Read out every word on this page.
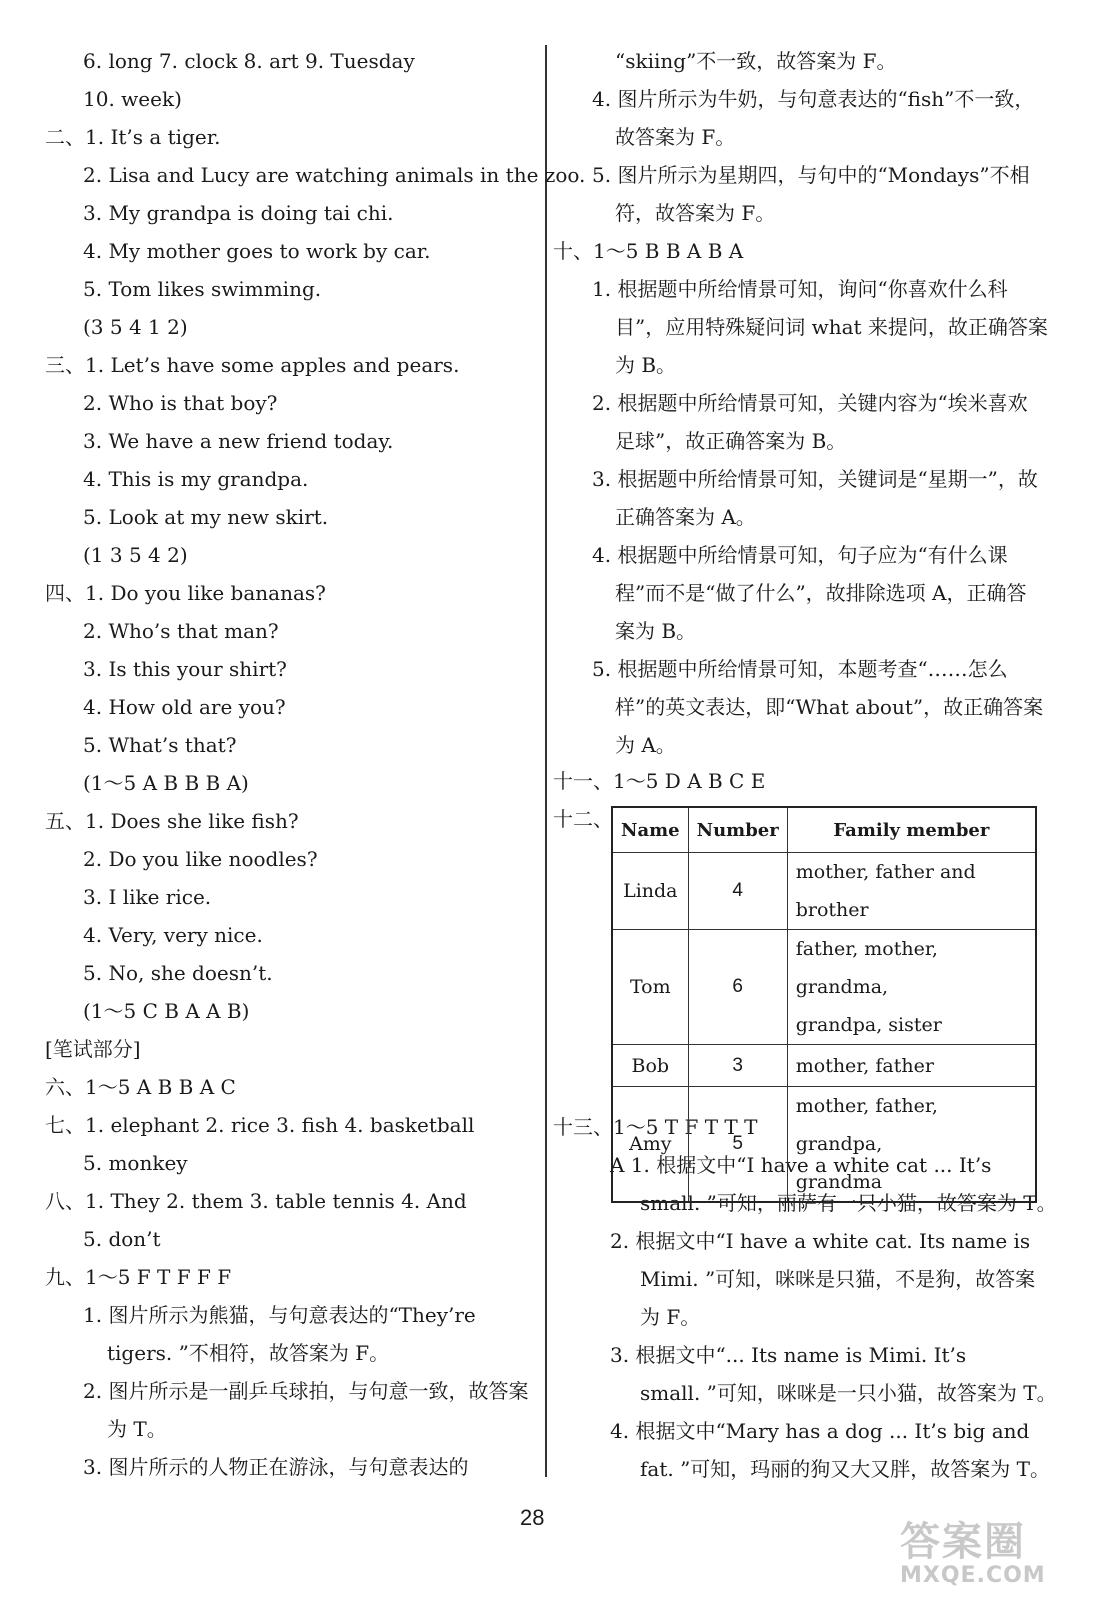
6. long 7. clock 8. art 9. Tuesday
10. week)
二、1. It’s a tiger.
2. Lisa and Lucy are watching animals in the zoo.
3. My grandpa is doing tai chi.
4. My mother goes to work by car.
5. Tom likes swimming.
(3 5 4 1 2)
三、1. Let’s have some apples and pears.
2. Who is that boy?
3. We have a new friend today.
4. This is my grandpa.
5. Look at my new skirt.
(1 3 5 4 2)
四、1. Do you like bananas?
2. Who’s that man?
3. Is this your shirt?
4. How old are you?
5. What’s that?
(1～5 A B B B A)
五、1. Does she like fish?
2. Do you like noodles?
3. I like rice.
4. Very, very nice.
5. No, she doesn’t.
(1～5 C B A A B)
[笔试部分]
六、1～5 A B B A C
七、1. elephant 2. rice 3. fish 4. basketball
5. monkey
八、1. They 2. them 3. table tennis 4. And
5. don’t
九、1～5 F T F F F
1. 图片所示为熊猫，与句意表达的“They’re
tigers. ”不相符，故答案为 F。
2. 图片所示是一副乒乓球拍，与句意一致，故答案
为 T。
3. 图片所示的人物正在游泳，与句意表达的
“skiing”不一致，故答案为 F。
4. 图片所示为牛奶，与句意表达的“fish”不一致，
故答案为 F。
5. 图片所示为星期四，与句中的“Mondays”不相
符，故答案为 F。
十、1～5 B B A B A
1. 根据题中所给情景可知，询问“你喜欢什么科
目”，应用特殊疑问词 what 来提问，故正确答案
为 B。
2. 根据题中所给情景可知，关键内容为“埃米喜欢
足球”，故正确答案为 B。
3. 根据题中所给情景可知，关键词是“星期一”，故
正确答案为 A。
4. 根据题中所给情景可知，句子应为“有什么课
程”而不是“做了什么”，故排除选项 A，正确答
案为 B。
5. 根据题中所给情景可知，本题考查“……怎么
样”的英文表达，即“What about”，故正确答案
为 A。
十一、1～5 D A B C E
十二、
十三、1～5 T F T T T
A 1. 根据文中“I have a white cat ... It’s
small. ”可知，丽萨有一只小猫，故答案为 T。
2. 根据文中“I have a white cat. Its name is
Mimi. ”可知，咪咪是只猫，不是狗，故答案
为 F。
3. 根据文中“... Its name is Mimi. It’s
small. ”可知，咪咪是一只小猫，故答案为 T。
4. 根据文中“Mary has a dog ... It’s big and
fat. ”可知，玛丽的狗又大又胖，故答案为 T。
Name	Number	Family member
Linda	4	mother, father and brother
Tom	6	father, mother, grandma,
grandpa, sister
Bob	3	mother, father
Amy	5	mother, father, grandpa,
grandma
28
答案圈
MXQE.COM
